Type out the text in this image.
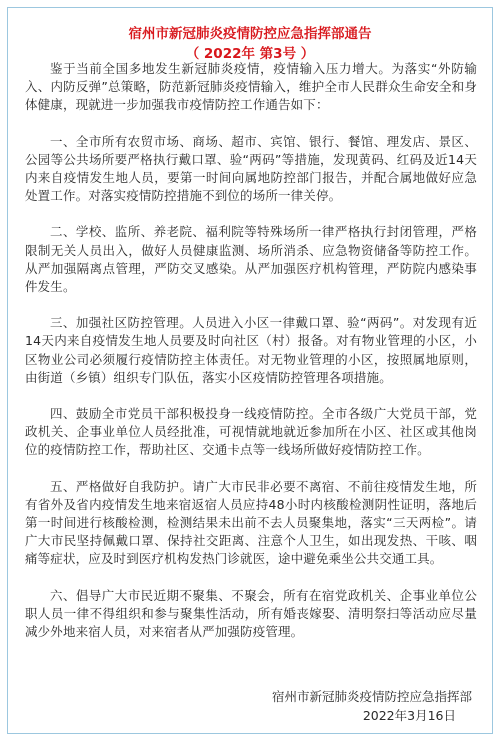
宿州市新冠肺炎疫情防控应急指挥部通告
（ 2022年 第3号 ）

鉴于当前全国多地发生新冠肺炎疫情，疫情输入压力增大。为落实“外防输入、内防反弹”总策略，防范新冠肺炎疫情输入，维护全市人民群众生命安全和身体健康，现就进一步加强我市疫情防控工作通告如下：

一、全市所有农贸市场、商场、超市、宾馆、银行、餐馆、理发店、景区、公园等公共场所要严格执行戴口罩、验“两码”等措施，发现黄码、红码及近14天内来自疫情发生地人员，要第一时间向属地防控部门报告，并配合属地做好应急处置工作。对落实疫情防控措施不到位的场所一律关停。

二、学校、监所、养老院、福利院等特殊场所一律严格执行封闭管理，严格限制无关人员出入，做好人员健康监测、场所消杀、应急物资储备等防控工作。从严加强隔离点管理，严防交叉感染。从严加强医疗机构管理，严防院内感染事件发生。

三、加强社区防控管理。人员进入小区一律戴口罩、验“两码”。对发现有近14天内来自疫情发生地人员要及时向社区（村）报备。对有物业管理的小区，小区物业公司必须履行疫情防控主体责任。对无物业管理的小区，按照属地原则，由街道（乡镇）组织专门队伍，落实小区疫情防控管理各项措施。

四、鼓励全市党员干部积极投身一线疫情防控。全市各级广大党员干部，党政机关、企事业单位人员经批准，可视情就地就近参加所在小区、社区或其他岗位的疫情防控工作，帮助社区、交通卡点等一线场所做好疫情防控工作。

五、严格做好自我防护。请广大市民非必要不离宿、不前往疫情发生地，所有省外及省内疫情发生地来宿返宿人员应持48小时内核酸检测阴性证明，落地后第一时间进行核酸检测，检测结果未出前不去人员聚集地，落实“三天两检”。请广大市民坚持佩戴口罩、保持社交距离、注意个人卫生，如出现发热、干咳、咽痛等症状，应及时到医疗机构发热门诊就医，途中避免乘坐公共交通工具。

六、倡导广大市民近期不聚集、不聚会，所有在宿党政机关、企事业单位公职人员一律不得组织和参与聚集性活动，所有婚丧嫁娶、清明祭扫等活动应尽量减少外地来宿人员，对来宿者从严加强防疫管理。

宿州市新冠肺炎疫情防控应急指挥部
2022年3月16日
